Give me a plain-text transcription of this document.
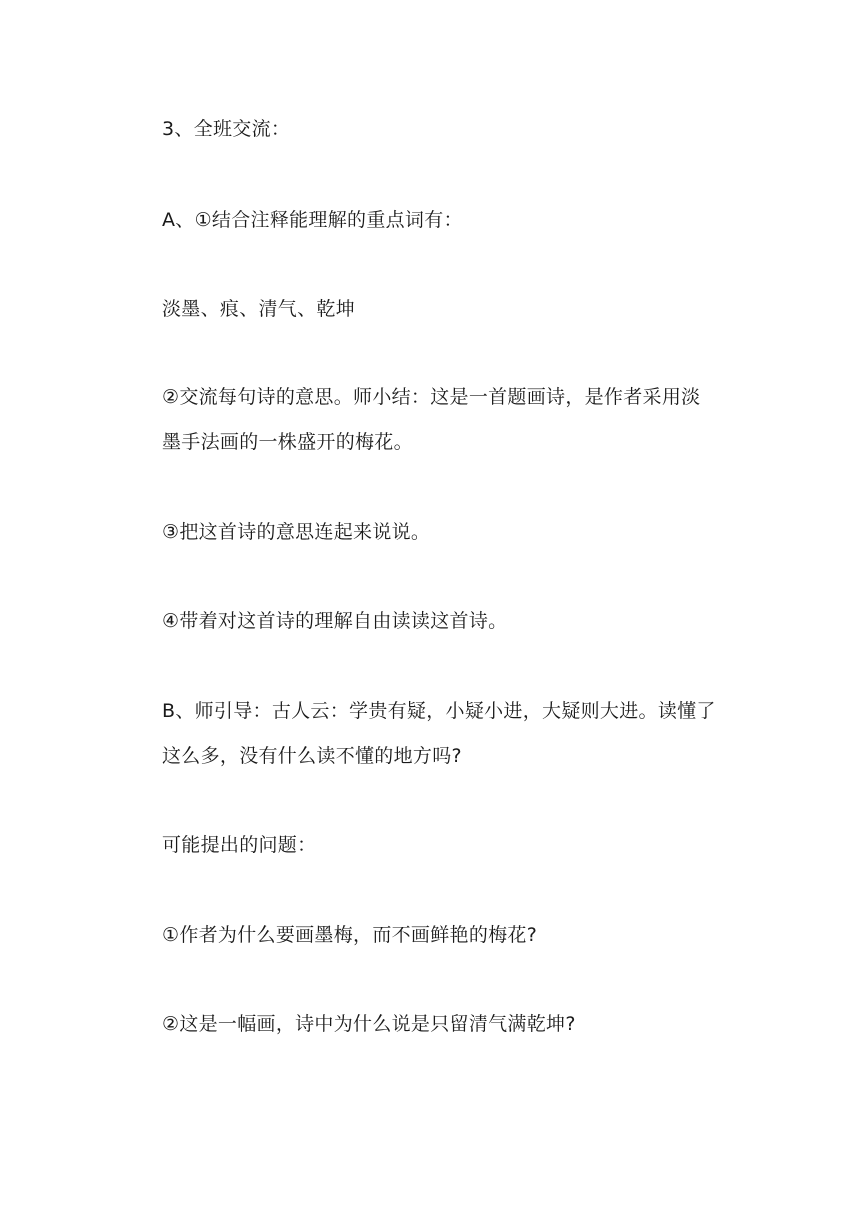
3、全班交流：
A、①结合注释能理解的重点词有：
淡墨、痕、清气、乾坤
②交流每句诗的意思。师小结：这是一首题画诗，是作者采用淡
墨手法画的一株盛开的梅花。
③把这首诗的意思连起来说说。
④带着对这首诗的理解自由读读这首诗。
B、师引导：古人云：学贵有疑，小疑小进，大疑则大进。读懂了
这么多，没有什么读不懂的地方吗?
可能提出的问题：
①作者为什么要画墨梅，而不画鲜艳的梅花?
②这是一幅画，诗中为什么说是只留清气满乾坤?
